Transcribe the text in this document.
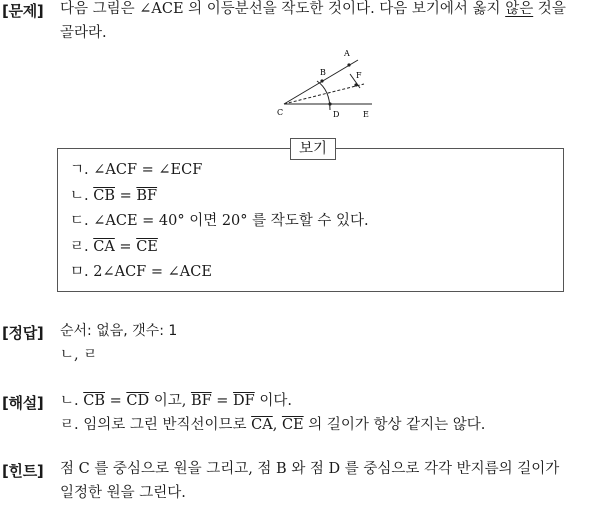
[문제] 다음 그림은 ∠ACE 의 이등분선을 작도한 것이다. 다음 보기에서 옳지 않은 것을
골라라.
A
B	F
C	D	E
보기
ㄱ. ∠ACF = ∠ECF
ㄴ. $\overline{CB} = \overline{BF}$
ㄷ. ∠ACE = 40° 이면 20° 를 작도할 수 있다.
ㄹ. $\overline{CA} = \overline{CE}$
ㅁ. 2∠ACF = ∠ACE
[정답] 순서: 없음, 갯수: 1
ㄴ, ㄹ
[해설] ㄴ. $\overline{CB} = \overline{CD}$ 이고, $\overline{BF} = \overline{DF}$ 이다.
ㄹ. 임의로 그린 반직선이므로 $\overline{CA}$, $\overline{CE}$ 의 길이가 항상 같지는 않다.
[힌트] 점 C 를 중심으로 원을 그리고, 점 B 와 점 D 를 중심으로 각각 반지름의 길이가
일정한 원을 그린다.
